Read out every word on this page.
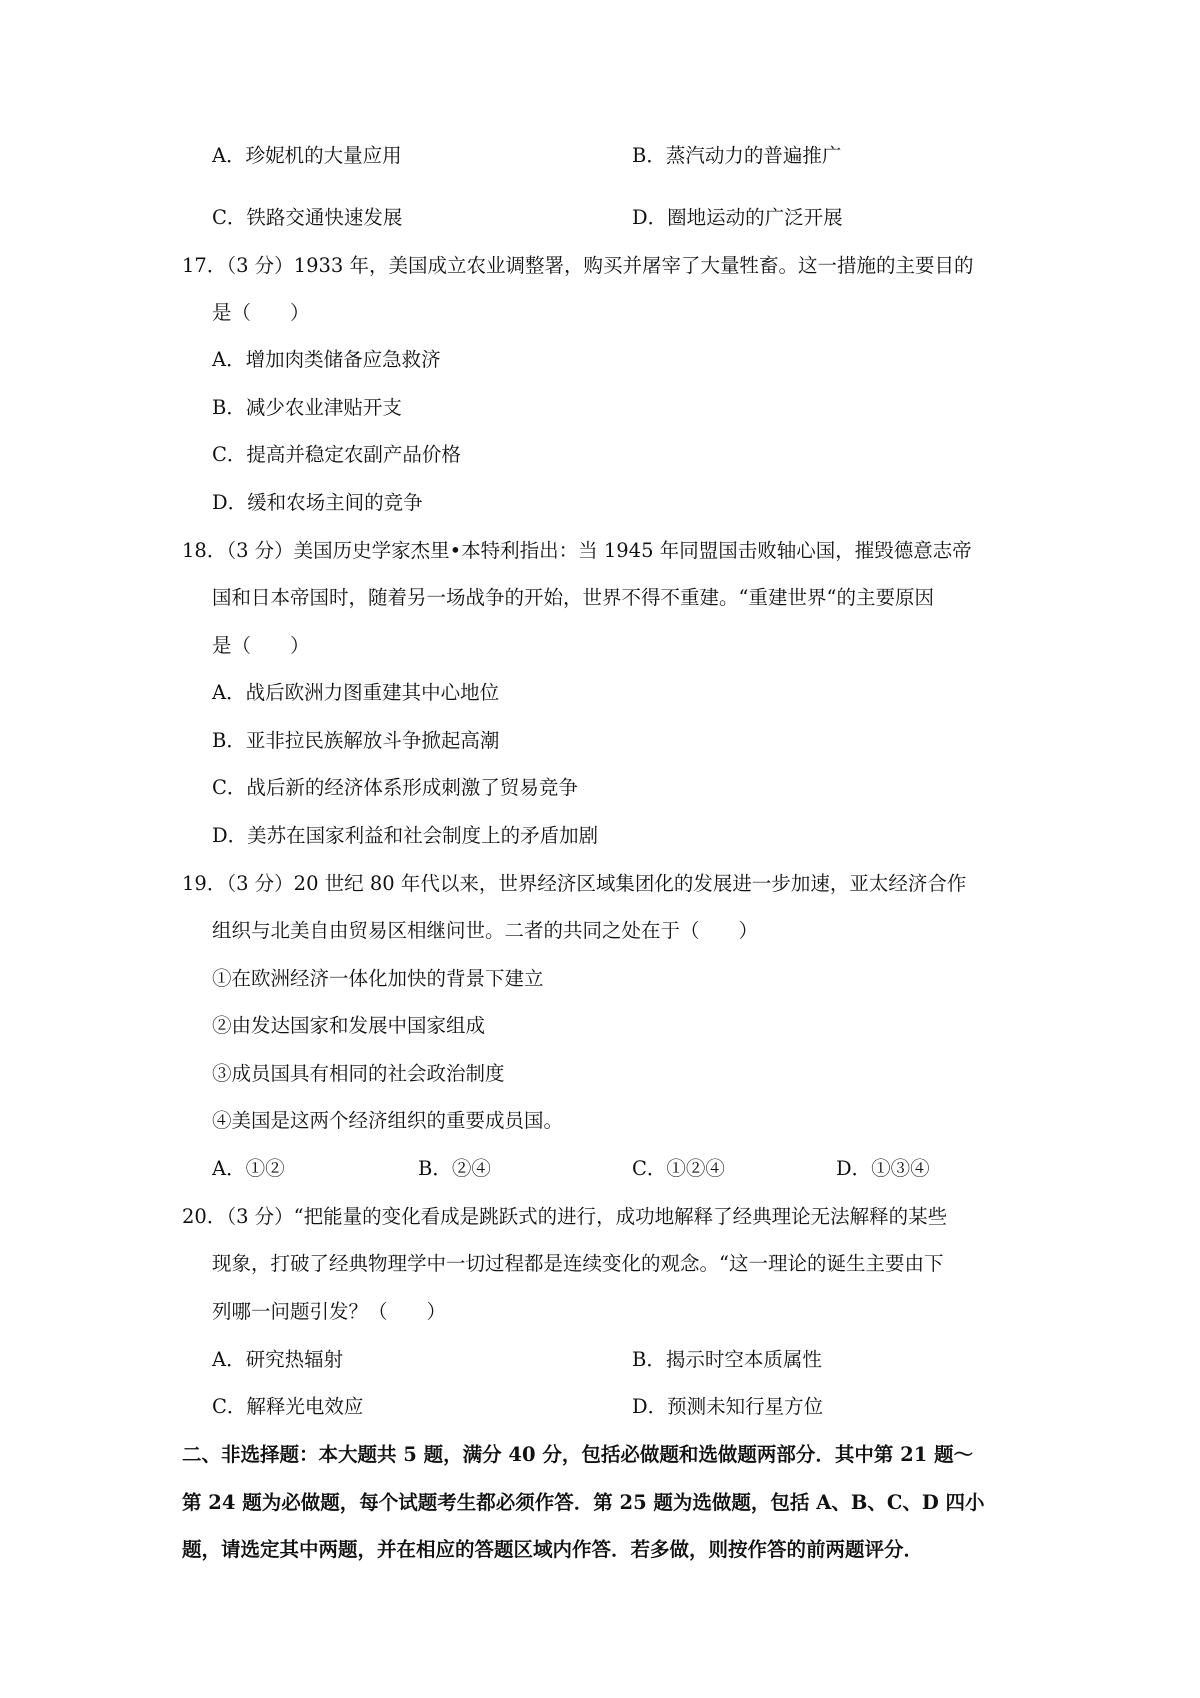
A．珍妮机的大量应用	B．蒸汽动力的普遍推广
C．铁路交通快速发展	D．圈地运动的广泛开展
17．（3 分）1933 年，美国成立农业调整署，购买并屠宰了大量牲畜。这一措施的主要目的
是（　　）
A．增加肉类储备应急救济
B．减少农业津贴开支
C．提高并稳定农副产品价格
D．缓和农场主间的竞争
18．（3 分）美国历史学家杰里•本特利指出：当 1945 年同盟国击败轴心国，摧毁德意志帝
国和日本帝国时，随着另一场战争的开始，世界不得不重建。“重建世界“的主要原因
是（　　）
A．战后欧洲力图重建其中心地位
B．亚非拉民族解放斗争掀起高潮
C．战后新的经济体系形成刺激了贸易竞争
D．美苏在国家利益和社会制度上的矛盾加剧
19．（3 分）20 世纪 80 年代以来，世界经济区域集团化的发展进一步加速，亚太经济合作
组织与北美自由贸易区相继问世。二者的共同之处在于（　　）
①在欧洲经济一体化加快的背景下建立
②由发达国家和发展中国家组成
③成员国具有相同的社会政治制度
④美国是这两个经济组织的重要成员国。
A．①②	B．②④	C．①②④	D．①③④
20．（3 分）“把能量的变化看成是跳跃式的进行，成功地解释了经典理论无法解释的某些
现象，打破了经典物理学中一切过程都是连续变化的观念。“这一理论的诞生主要由下
列哪一问题引发？（　　）
A．研究热辐射	B．揭示时空本质属性
C．解释光电效应	D．预测未知行星方位
二、非选择题：本大题共 5 题，满分 40 分，包括必做题和选做题两部分．其中第 21 题～
第 24 题为必做题，每个试题考生都必须作答．第 25 题为选做题，包括 A、B、C、D 四小
题，请选定其中两题，并在相应的答题区域内作答．若多做，则按作答的前两题评分．
